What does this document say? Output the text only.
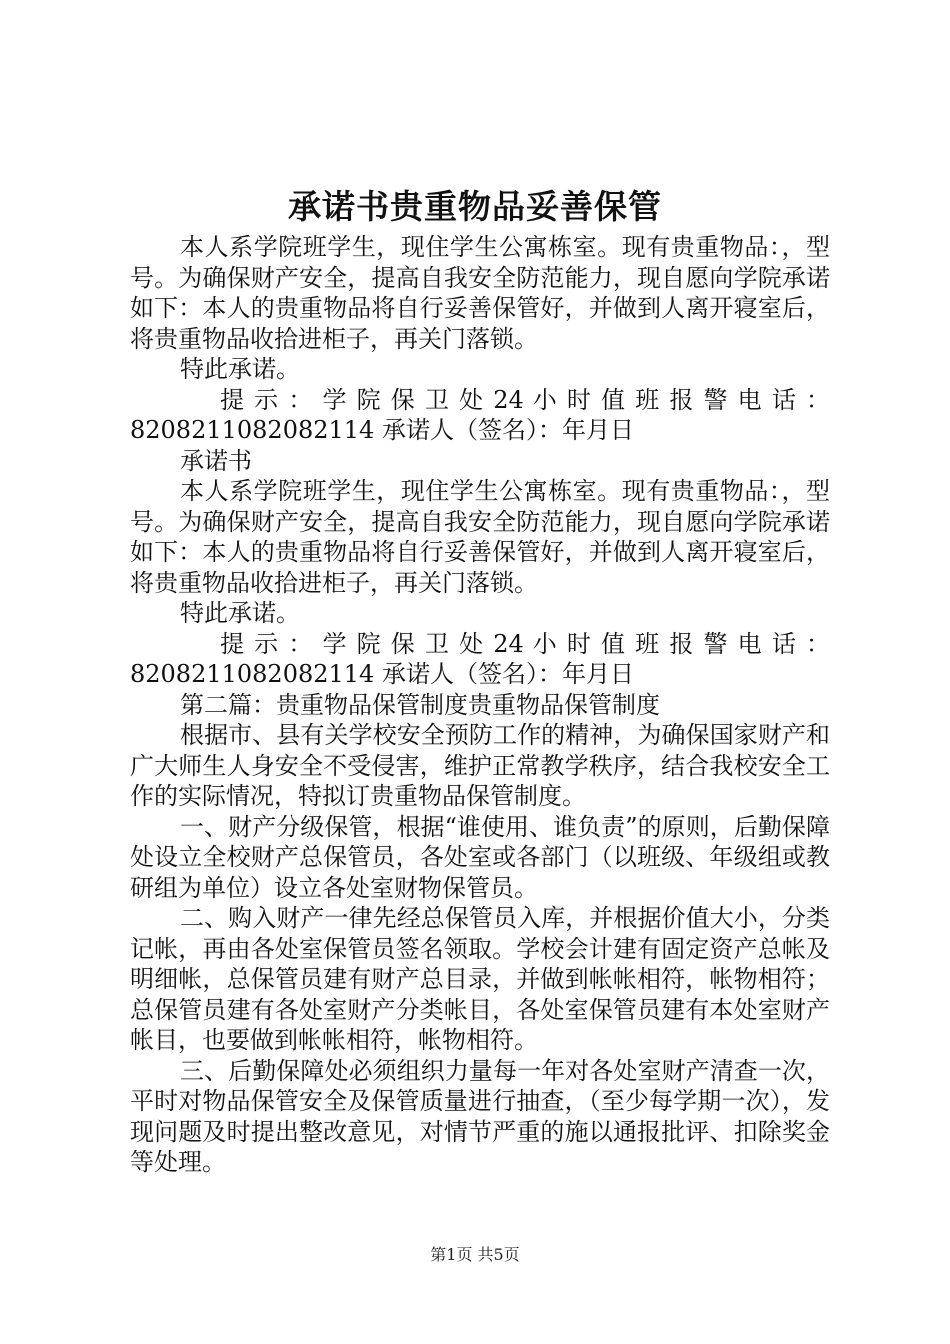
承诺书贵重物品妥善保管

本人系学院班学生，现住学生公寓栋室。现有贵重物品：，型号。为确保财产安全，提高自我安全防范能力，现自愿向学院承诺如下：本人的贵重物品将自行妥善保管好，并做到人离开寝室后，将贵重物品收拾进柜子，再关门落锁。

特此承诺。

提 示 ： 学 院 保 卫 处 24 小 时 值 班 报 警 电 话 ：

8208211082082114 承诺人（签名）：年月日

承诺书

本人系学院班学生，现住学生公寓栋室。现有贵重物品：，型号。为确保财产安全，提高自我安全防范能力，现自愿向学院承诺如下：本人的贵重物品将自行妥善保管好，并做到人离开寝室后，将贵重物品收拾进柜子，再关门落锁。

特此承诺。

提 示 ： 学 院 保 卫 处 24 小 时 值 班 报 警 电 话 ：

8208211082082114 承诺人（签名）：年月日

第二篇：贵重物品保管制度贵重物品保管制度

根据市、县有关学校安全预防工作的精神，为确保国家财产和广大师生人身安全不受侵害，维护正常教学秩序，结合我校安全工作的实际情况，特拟订贵重物品保管制度。

一、财产分级保管，根据“谁使用、谁负责”的原则，后勤保障处设立全校财产总保管员，各处室或各部门（以班级、年级组或教研组为单位）设立各处室财物保管员。

二、购入财产一律先经总保管员入库，并根据价值大小，分类记帐，再由各处室保管员签名领取。学校会计建有固定资产总帐及明细帐，总保管员建有财产总目录，并做到帐帐相符，帐物相符；总保管员建有各处室财产分类帐目，各处室保管员建有本处室财产帐目，也要做到帐帐相符，帐物相符。

三、后勤保障处必须组织力量每一年对各处室财产清查一次，平时对物品保管安全及保管质量进行抽查，（至少每学期一次），发现问题及时提出整改意见，对情节严重的施以通报批评、扣除奖金等处理。

第1页 共5页
